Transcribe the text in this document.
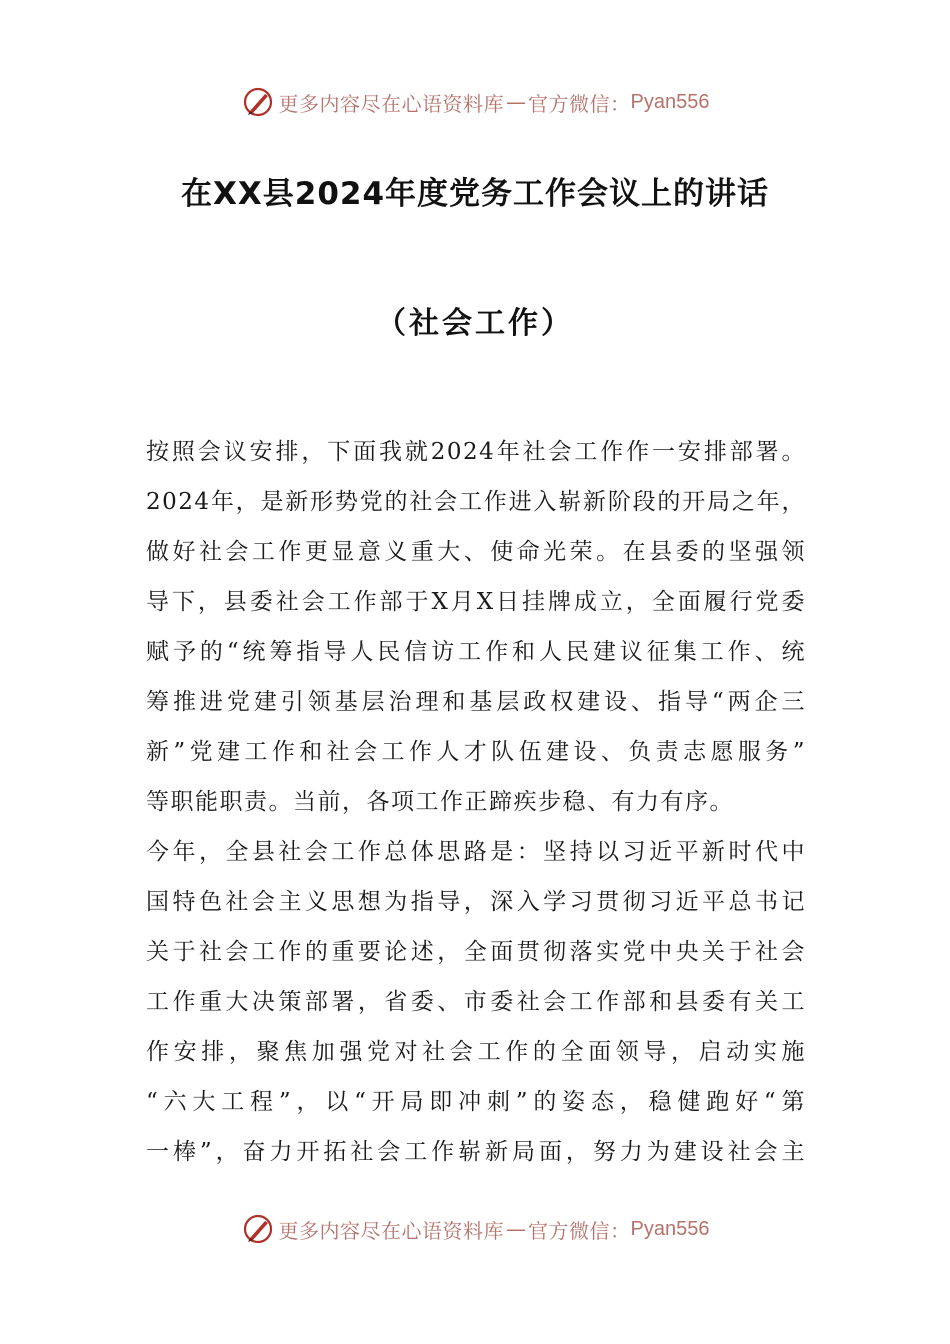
更多内容尽在心语资料库 — 官方微信： Pyan556
在XX县2024年度党务工作会议上的讲话
（社会工作）
按照会议安排，下面我就2024年社会工作作一安排部署。
2024年，是新形势党的社会工作进入崭新阶段的开局之年，
做好社会工作更显意义重大、使命光荣。在县委的坚强领
导下，县委社会工作部于X月X日挂牌成立，全面履行党委
赋予的“统筹指导人民信访工作和人民建议征集工作、统
筹推进党建引领基层治理和基层政权建设、指导“两企三
新”党建工作和社会工作人才队伍建设、负责志愿服务”
等职能职责。当前，各项工作正蹄疾步稳、有力有序。
今年，全县社会工作总体思路是：坚持以习近平新时代中
国特色社会主义思想为指导，深入学习贯彻习近平总书记
关于社会工作的重要论述，全面贯彻落实党中央关于社会
工作重大决策部署，省委、市委社会工作部和县委有关工
作安排，聚焦加强党对社会工作的全面领导，启动实施
“六大工程”，以“开局即冲刺”的姿态，稳健跑好“第
一棒”，奋力开拓社会工作崭新局面，努力为建设社会主
更多内容尽在心语资料库 — 官方微信： Pyan556
